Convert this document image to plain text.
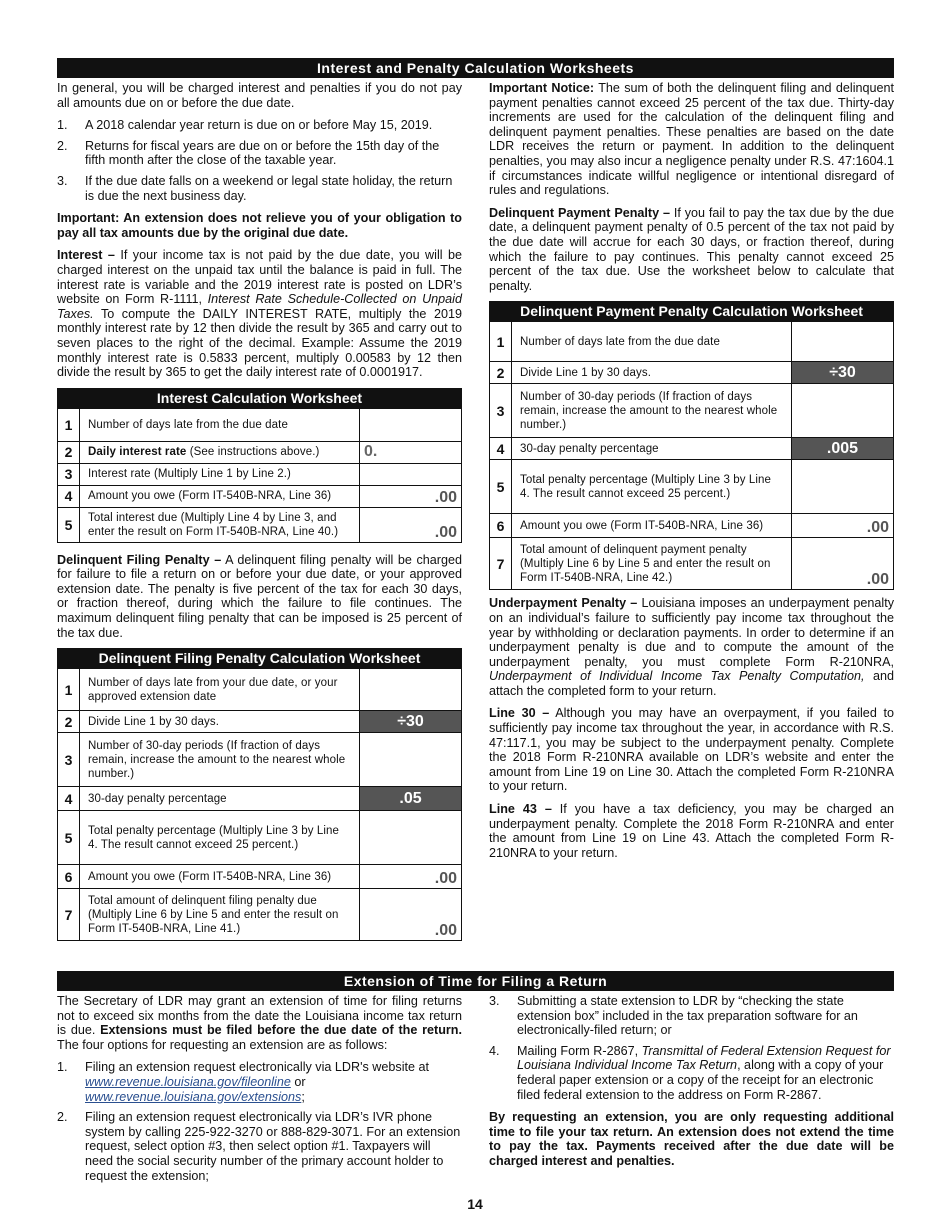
Interest and Penalty Calculation Worksheets

In general, you will be charged interest and penalties if you do not pay all amounts due on or before the due date.

1.	A 2018 calendar year return is due on or before May 15, 2019.
2.	Returns for fiscal years are due on or before the 15th day of the fifth month after the close of the taxable year.
3.	If the due date falls on a weekend or legal state holiday, the return is due the next business day.

Important: An extension does not relieve you of your obligation to pay all tax amounts due by the original due date.

Interest – If your income tax is not paid by the due date, you will be charged interest on the unpaid tax until the balance is paid in full. The interest rate is variable and the 2019 interest rate is posted on LDR’s website on Form R-1111, Interest Rate Schedule-Collected on Unpaid Taxes. To compute the DAILY INTEREST RATE, multiply the 2019 monthly interest rate by 12 then divide the result by 365 and carry out to seven places to the right of the decimal. Example: Assume the 2019 monthly interest rate is 0.5833 percent, multiply 0.00583 by 12 then divide the result by 365 to get the daily interest rate of 0.0001917.

Interest Calculation Worksheet
1	Number of days late from the due date	
2	Daily interest rate (See instructions above.)	0.
3	Interest rate (Multiply Line 1 by Line 2.)	
4	Amount you owe (Form IT-540B-NRA, Line 36)	.00
5	Total interest due (Multiply Line 4 by Line 3, and enter the result on Form IT-540B-NRA, Line 40.)	.00

Delinquent Filing Penalty – A delinquent filing penalty will be charged for failure to file a return on or before your due date, or your approved extension date. The penalty is five percent of the tax for each 30 days, or fraction thereof, during which the failure to file continues. The maximum delinquent filing penalty that can be imposed is 25 percent of the tax due.

Delinquent Filing Penalty Calculation Worksheet
1	Number of days late from your due date, or your approved extension date	
2	Divide Line 1 by 30 days.	÷30
3	Number of 30-day periods (If fraction of days remain, increase the amount to the nearest whole number.)	
4	30-day penalty percentage	.05
5	Total penalty percentage (Multiply Line 3 by Line 4. The result cannot exceed 25 percent.)	
6	Amount you owe (Form IT-540B-NRA, Line 36)	.00
7	Total amount of delinquent filing penalty due (Multiply Line 6 by Line 5 and enter the result on Form IT-540B-NRA, Line 41.)	.00

Important Notice: The sum of both the delinquent filing and delinquent payment penalties cannot exceed 25 percent of the tax due. Thirty-day increments are used for the calculation of the delinquent filing and delinquent payment penalties. These penalties are based on the date LDR receives the return or payment. In addition to the delinquent penalties, you may also incur a negligence penalty under R.S. 47:1604.1 if circumstances indicate willful negligence or intentional disregard of rules and regulations.

Delinquent Payment Penalty – If you fail to pay the tax due by the due date, a delinquent payment penalty of 0.5 percent of the tax not paid by the due date will accrue for each 30 days, or fraction thereof, during which the failure to pay continues. This penalty cannot exceed 25 percent of the tax due. Use the worksheet below to calculate that penalty.

Delinquent Payment Penalty Calculation Worksheet
1	Number of days late from the due date	
2	Divide Line 1 by 30 days.	÷30
3	Number of 30-day periods (If fraction of days remain, increase the amount to the nearest whole number.)	
4	30-day penalty percentage	.005
5	Total penalty percentage (Multiply Line 3 by Line 4. The result cannot exceed 25 percent.)	
6	Amount you owe (Form IT-540B-NRA, Line 36)	.00
7	Total amount of delinquent payment penalty (Multiply Line 6 by Line 5 and enter the result on Form IT-540B-NRA, Line 42.)	.00

Underpayment Penalty – Louisiana imposes an underpayment penalty on an individual’s failure to sufficiently pay income tax throughout the year by withholding or declaration payments. In order to determine if an underpayment penalty is due and to compute the amount of the underpayment penalty, you must complete Form R-210NRA, Underpayment of Individual Income Tax Penalty Computation, and attach the completed form to your return.

Line 30 – Although you may have an overpayment, if you failed to sufficiently pay income tax throughout the year, in accordance with R.S. 47:117.1, you may be subject to the underpayment penalty. Complete the 2018 Form R-210NRA available on LDR’s website and enter the amount from Line 19 on Line 30. Attach the completed Form R-210NRA to your return.

Line 43 – If you have a tax deficiency, you may be charged an underpayment penalty. Complete the 2018 Form R-210NRA and enter the amount from Line 19 on Line 43. Attach the completed Form R-210NRA to your return.

Extension of Time for Filing a Return

The Secretary of LDR may grant an extension of time for filing returns not to exceed six months from the date the Louisiana income tax return is due. Extensions must be filed before the due date of the return. The four options for requesting an extension are as follows:

1.	Filing an extension request electronically via LDR's website at www.revenue.louisiana.gov/fileonline or www.revenue.louisiana.gov/extensions;
2.	Filing an extension request electronically via LDR’s IVR phone system by calling 225-922-3270 or 888-829-3071. For an extension request, select option #3, then select option #1. Taxpayers will need the social security number of the primary account holder to request the extension;
3.	Submitting a state extension to LDR by “checking the state extension box” included in the tax preparation software for an electronically-filed return; or
4.	Mailing Form R-2867, Transmittal of Federal Extension Request for Louisiana Individual Income Tax Return, along with a copy of your federal paper extension or a copy of the receipt for an electronic filed federal extension to the address on Form R-2867.

By requesting an extension, you are only requesting additional time to file your tax return. An extension does not extend the time to pay the tax. Payments received after the due date will be charged interest and penalties.

14
